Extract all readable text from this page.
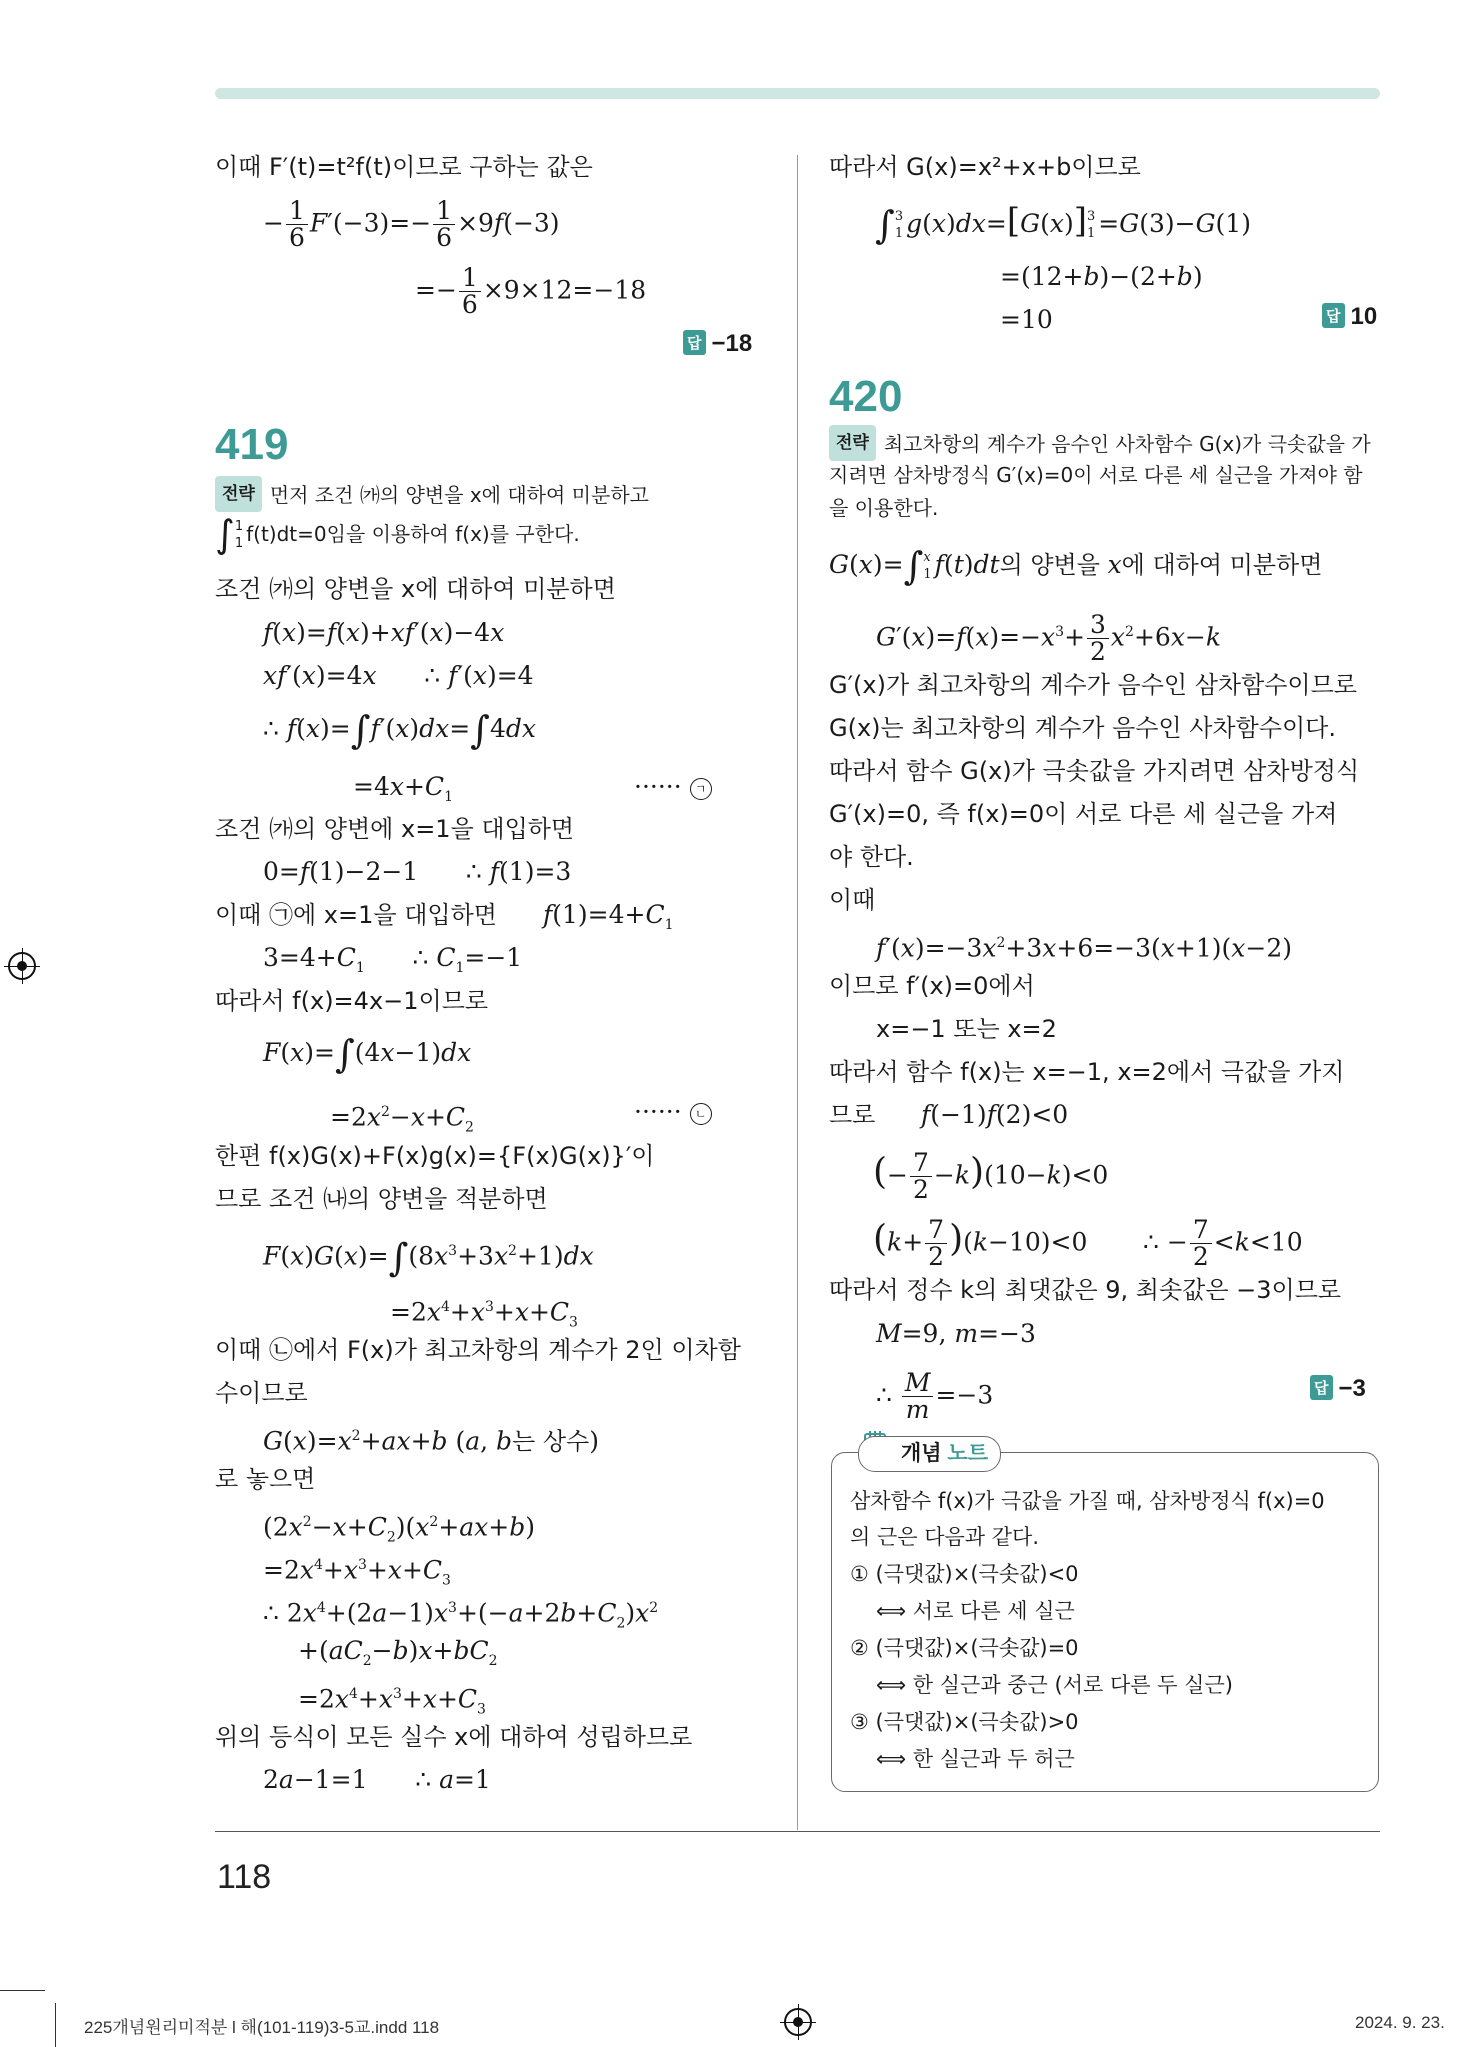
이때 F′(t)=t²f(t)이므로 구하는 값은
− $\frac{1}{6} F'(-3)=- \frac{1}{6} \times 9f(-3)$
=− $\frac{1}{6} \times 9\times 12=-18$
답 −18
419
전략 먼저 조건 ㈎의 양변을 x에 대하여 미분하고
∫ 1
1 f(t)dt=0임을 이용하여 f(x)를 구한다.
조건 ㈎의 양변을 x에 대하여 미분하면
f(x)=f(x)+xf′(x)−4x
xf′(x)=4x      ∴ f′(x)=4
∴ f(x)=∫f′(x)dx=∫4dx
$=4x+C_1$	······ ㄱ
조건 ㈎의 양변에 x=1을 대입하면
0=f(1)−2−1      ∴ f(1)=3
이때 ㉠에 x=1을 대입하면 $f(1)=4+C_1$
$3=4+C_1$      ∴ $C_1=-1$
따라서 f(x)=4x−1이므로
F(x)=∫(4x−1)dx
$=2x^2-x+C_2$
······ ㄴ
한편 f(x)G(x)+F(x)g(x)={F(x)G(x)}′이
므로 조건 ㈏의 양변을 적분하면
$F(x)G(x)=\int(8x^3+3x^2+1)dx$
$=2x^4+x^3+x+C_3$
이때 ㉡에서 F(x)가 최고차항의 계수가 2인 이차함
수이므로
$G(x)=x^2+ax+b$ (a, b는 상수)
로 놓으면
$(2x^2-x+C_2)(x^2+ax+b)$
$=2x^4+x^3+x+C_3$
∴ $2x^4+(2a-1)x^3+(-a+2b+C_2)x^2$
$+(aC_2-b)x+bC_2$
$=2x^4+x^3+x+C_3$
위의 등식이 모든 실수 x에 대하여 성립하므로
2a−1=1      ∴ a=1
따라서 G(x)=x²+x+b이므로
∫ 3
1 g(x)dx=[G(x)] 3
1 =G(3)−G(1)
=(12+b)−(2+b)
=10	답 10
420
전략 최고차항의 계수가 음수인 사차함수 G(x)가 극솟값을 가
지려면 삼차방정식 G′(x)=0이 서로 다른 세 실근을 가져야 함
을 이용한다.
G(x)=∫ x
1 f(t)dt의 양변을 x에 대하여 미분하면
$G'(x)=f(x)=-x^3+ \frac{3}{2} x^2+6x-k$
G′(x)가 최고차항의 계수가 음수인 삼차함수이므로
G(x)는 최고차항의 계수가 음수인 사차함수이다.
따라서 함수 G(x)가 극솟값을 가지려면 삼차방정식
G′(x)=0, 즉 f(x)=0이 서로 다른 세 실근을 가져
야 한다.
이때
$f'(x)=-3x^2+3x+6=-3(x+1)(x-2)$
이므로 f′(x)=0에서
x=−1 또는 x=2
따라서 함수 f(x)는 x=−1, x=2에서 극값을 가지
므로 f(−1)f(2)<0
(− $\frac{7}{2} -k)(10-k)<0$
$(k+ \frac{7}{2} )(k-10)<0$       ∴ − $\frac{7}{2} <k<10$
따라서 정수 k의 최댓값은 9, 최솟값은 −3이므로
M=9, m=−3
∴ $\frac{M}{m} =-3$	답 −3
개념 노트
삼차함수 f(x)가 극값을 가질 때, 삼차방정식 f(x)=0
의 근은 다음과 같다.
① (극댓값)×(극솟값)<0
⟺ 서로 다른 세 실근
② (극댓값)×(극솟값)=0
⟺ 한 실근과 중근 (서로 다른 두 실근)
③ (극댓값)×(극솟값)>0
⟺ 한 실근과 두 허근
118
225개념원리미적분 l 해(101-119)3-5교.indd 118	2024. 9. 23.
